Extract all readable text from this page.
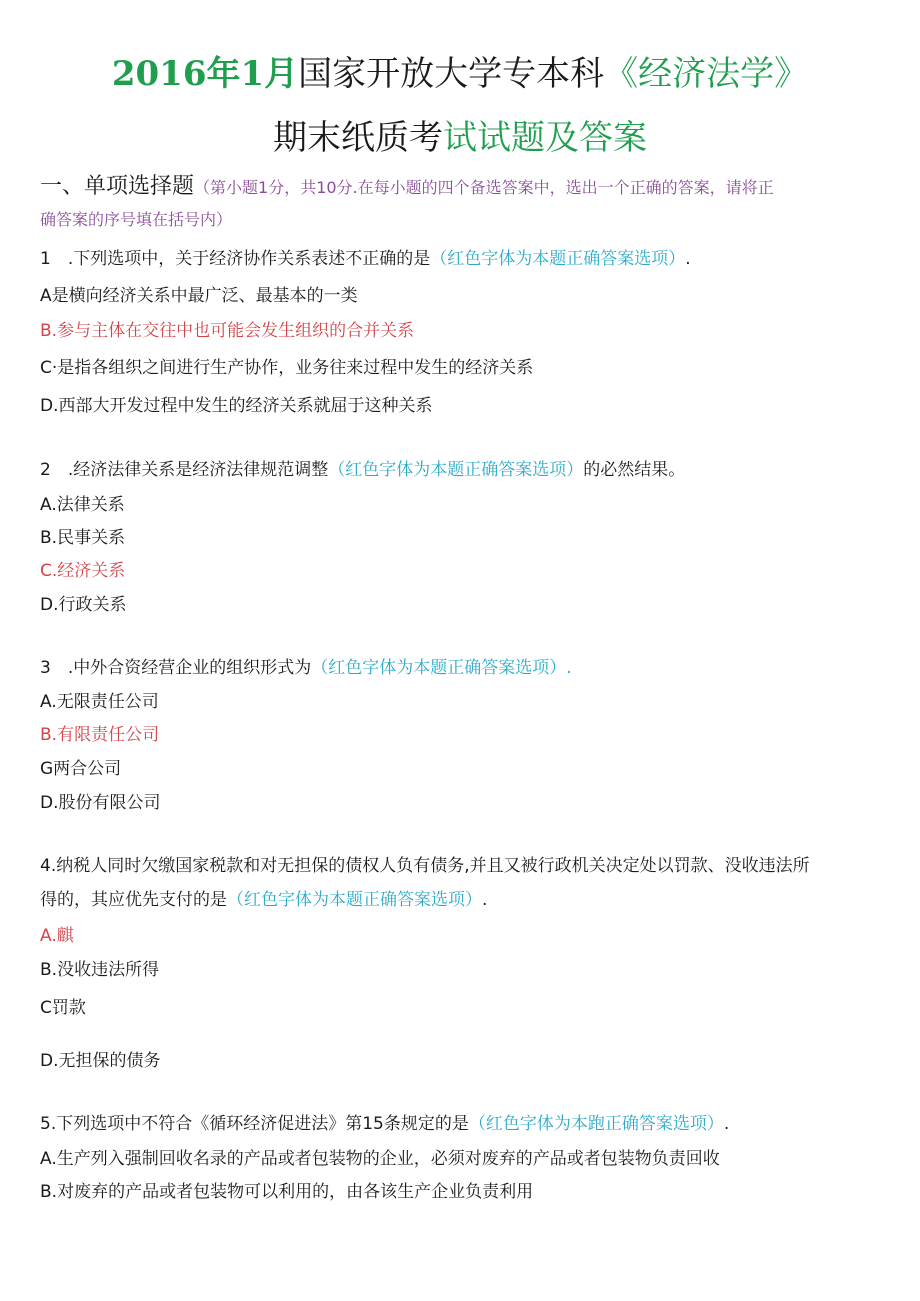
2016年1月国家开放大学专本科《经济法学》
期末纸质考试试题及答案
一、单项选择题（第小题1分，共10分.在每小题的四个备选答案中，选出一个正确的答案，请将正
确答案的序号填在括号内）
1　.下列选项中，关于经济协作关系表述不正确的是（红色字体为本题正确答案选项）.
A是横向经济关系中最广泛、最基本的一类
B.参与主体在交往中也可能会发生组织的合并关系
C·是指各组织之间进行生产协作，业务往来过程中发生的经济关系
D.西部大开发过程中发生的经济关系就屈于这种关系
2　.经济法律关系是经济法律规范调整（红色字体为本题正确答案选项）的必然结果。
A.法律关系
B.民事关系
C.经济关系
D.行政关系
3　.中外合资经营企业的组织形式为（红色字体为本题正确答案选项）.
A.无限责任公司
B.有限责任公司
G两合公司
D.股份有限公司
4.纳税人同时欠缴国家税款和对无担保的债权人负有债务,并且又被行政机关决定处以罚款、没收违法所
得的，其应优先支付的是（红色字体为本题正确答案选项）.
A.麒
B.没收违法所得
C罚款
D.无担保的债务
5.下列选项中不符合《循环经济促进法》第15条规定的是（红色字体为本跑正确答案选项）.
A.生产列入强制回收名录的产品或者包装物的企业，必须对废弃的产品或者包装物负责回收
B.对废弃的产品或者包装物可以利用的，由各该生产企业负责利用
